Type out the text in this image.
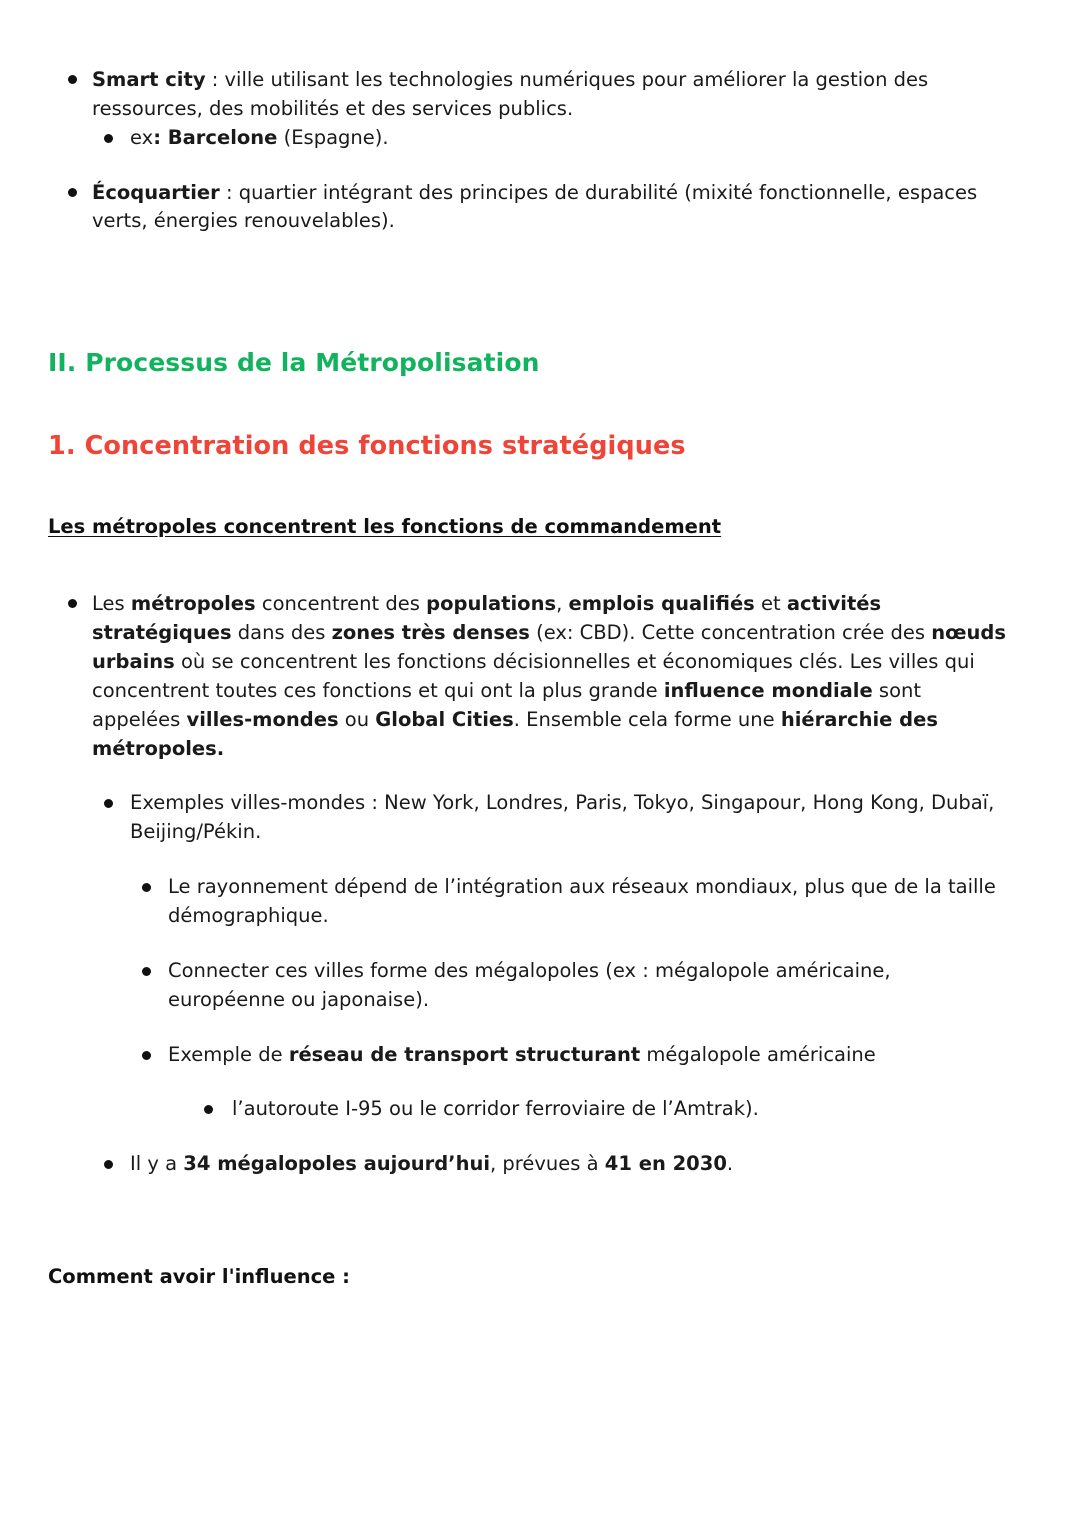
Smart city : ville utilisant les technologies numériques pour améliorer la gestion des ressources, des mobilités et des services publics.
ex: Barcelone (Espagne).
Écoquartier : quartier intégrant des principes de durabilité (mixité fonctionnelle, espaces verts, énergies renouvelables).
II. Processus de la Métropolisation
1. Concentration des fonctions stratégiques
Les métropoles concentrent les fonctions de commandement
Les métropoles concentrent des populations, emplois qualifiés et activités stratégiques dans des zones très denses (ex: CBD). Cette concentration crée des nœuds urbains où se concentrent les fonctions décisionnelles et économiques clés. Les villes qui concentrent toutes ces fonctions et qui ont la plus grande influence mondiale sont appelées villes-mondes ou Global Cities. Ensemble cela forme une hiérarchie des métropoles.
Exemples villes-mondes : New York, Londres, Paris, Tokyo, Singapour, Hong Kong, Dubaï, Beijing/Pékin.
Le rayonnement dépend de l’intégration aux réseaux mondiaux, plus que de la taille démographique.
Connecter ces villes forme des mégalopoles (ex : mégalopole américaine, européenne ou japonaise).
Exemple de réseau de transport structurant mégalopole américaine
l’autoroute I-95 ou le corridor ferroviaire de l’Amtrak).
Il y a 34 mégalopoles aujourd’hui, prévues à 41 en 2030.
Comment avoir l'influence :
